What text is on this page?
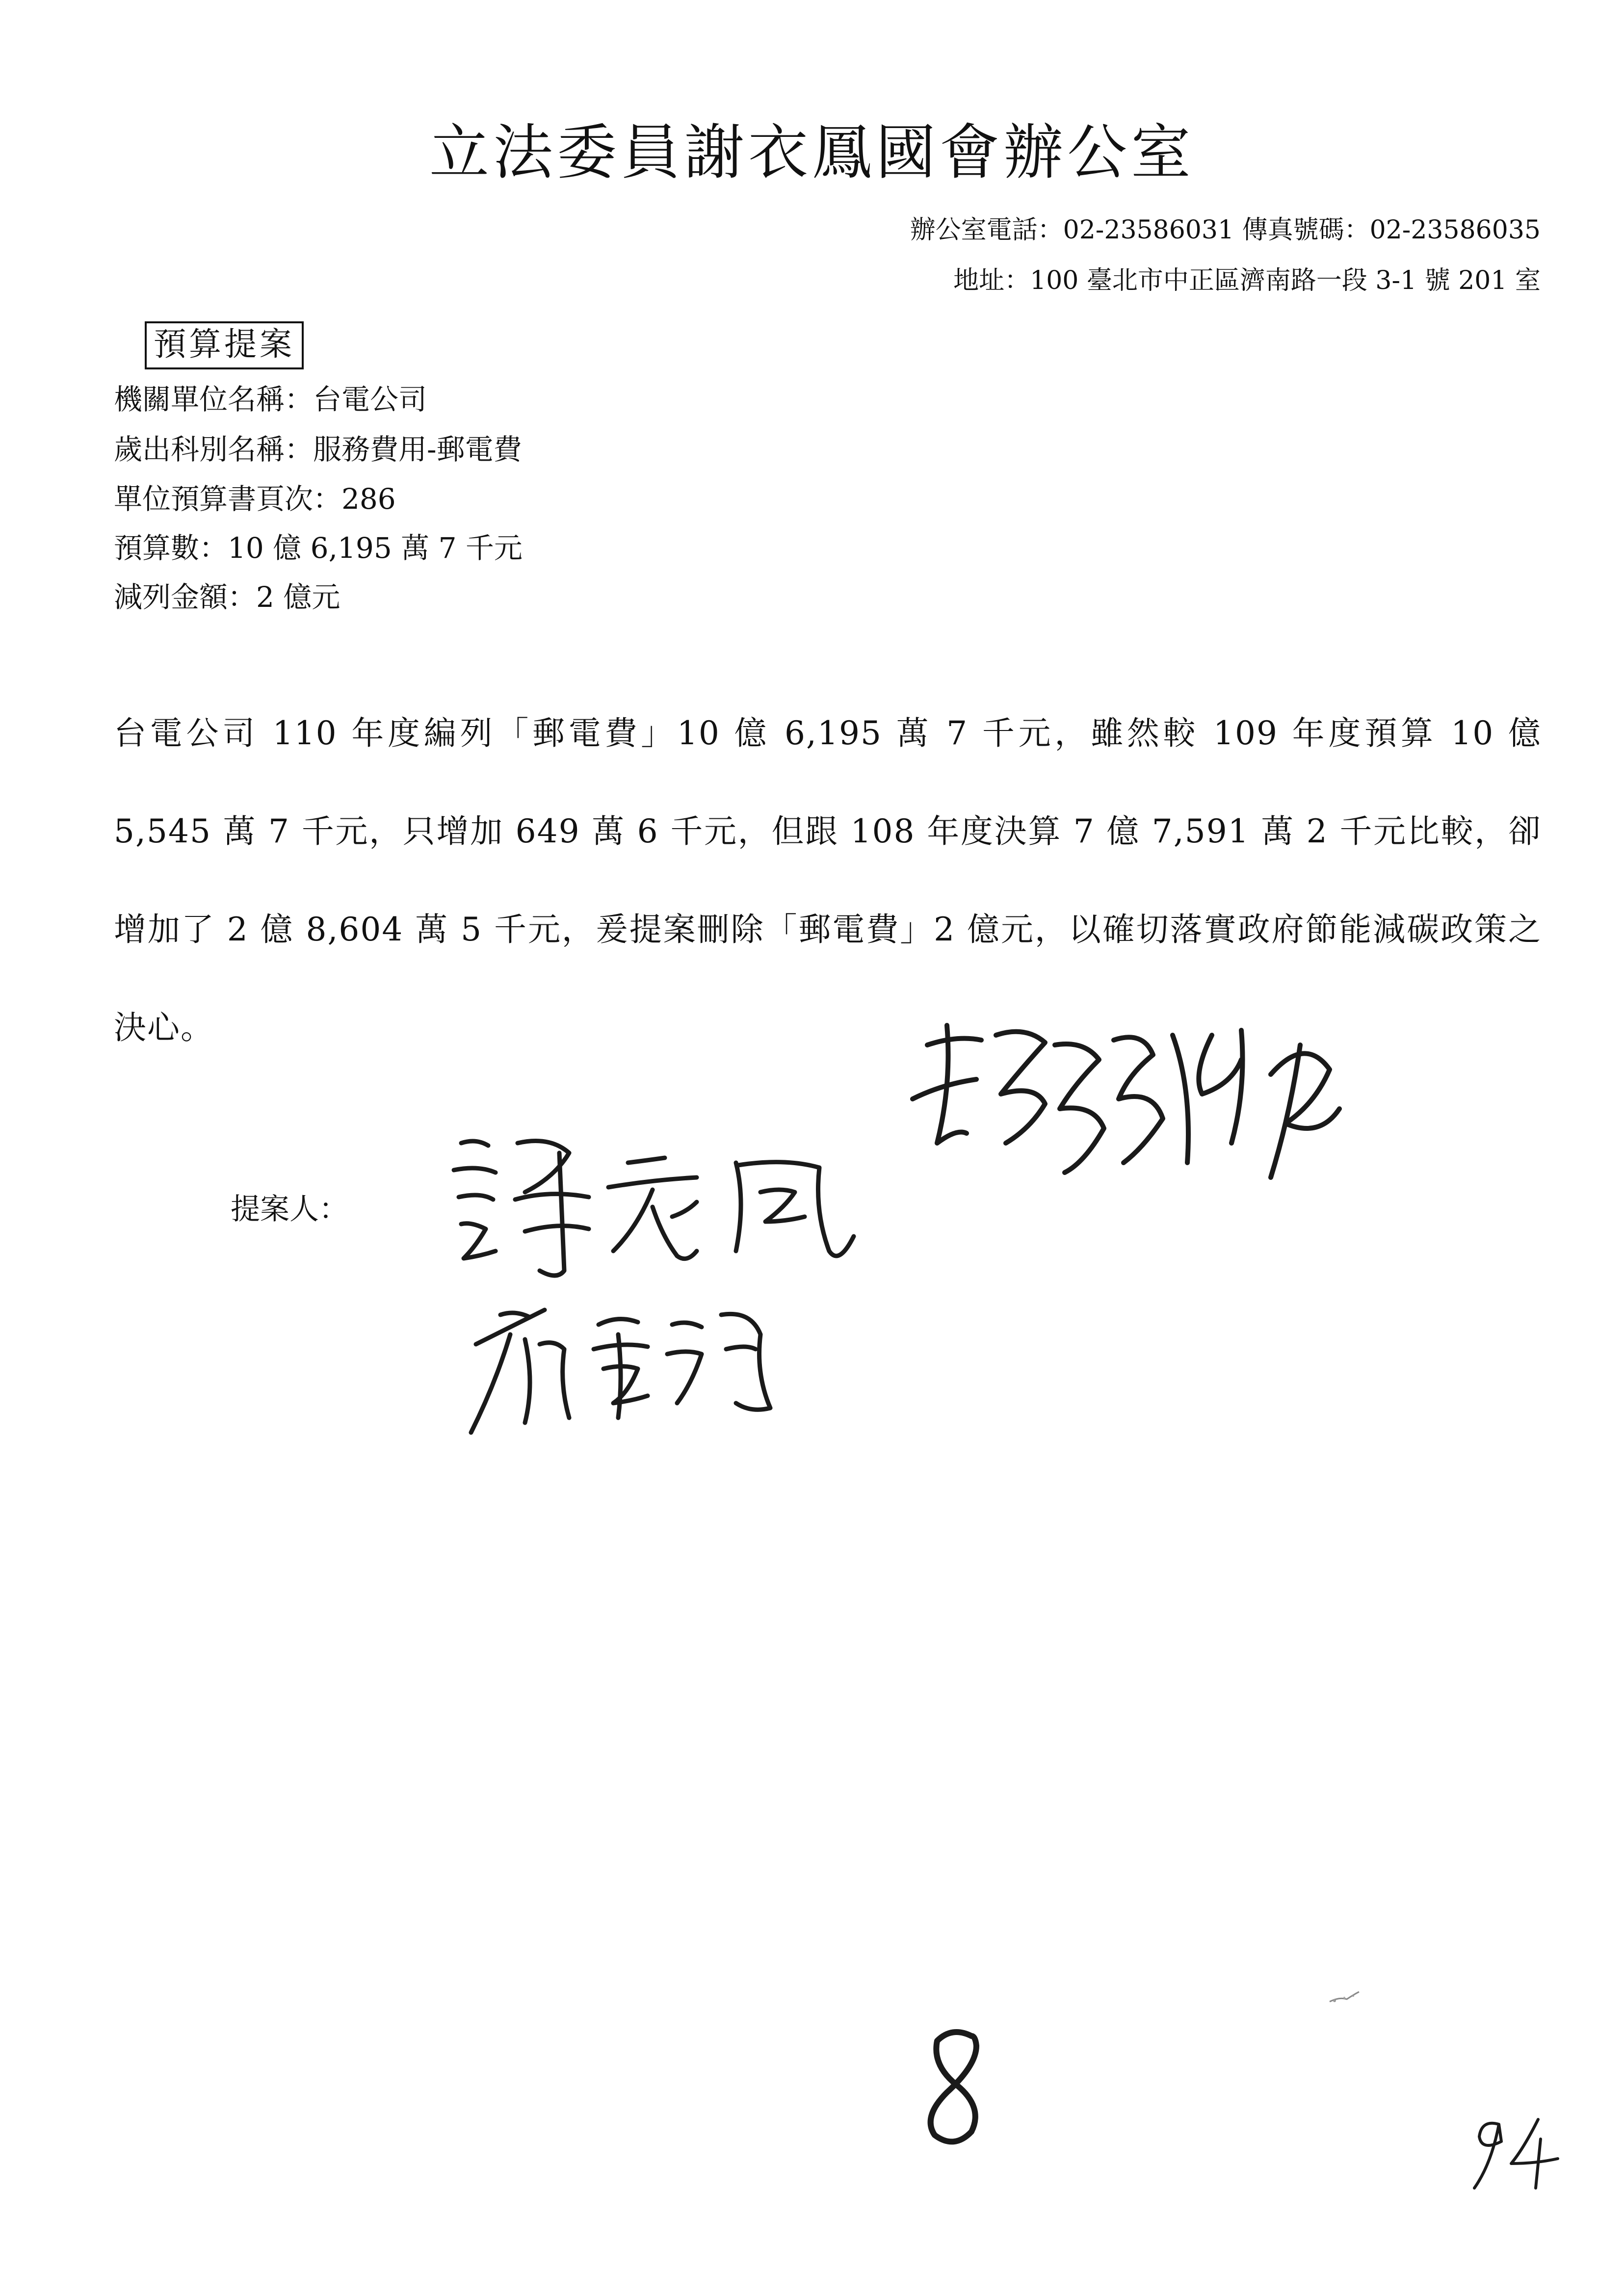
立法委員謝衣鳳國會辦公室
辦公室電話：02-23586031 傳真號碼：02-23586035
地址：100 臺北市中正區濟南路一段 3-1 號 201 室
預算提案
機關單位名稱：台電公司
歲出科別名稱：服務費用-郵電費
單位預算書頁次：286
預算數：10 億 6,195 萬 7 千元
減列金額：2 億元
台電公司 110 年度編列「郵電費」10 億 6,195 萬 7 千元，雖然較 109 年度預算 10 億 5,545 萬 7 千元，只增加 649 萬 6 千元，但跟 108 年度決算 7 億 7,591 萬 2 千元比較，卻增加了 2 億 8,604 萬 5 千元，爰提案刪除「郵電費」2 億元，以確切落實政府節能減碳政策之決心。
提案人：
8
94
